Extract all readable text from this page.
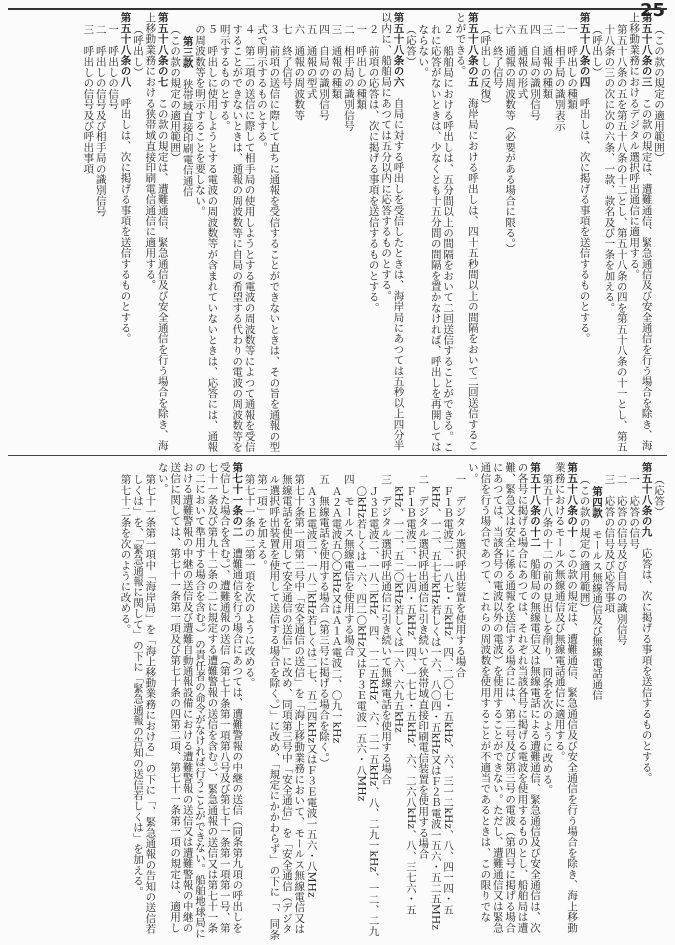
25
（この款の規定の適用範囲）
第五十八条の三　この款の規定は、遭難通信、緊急通信及び安全通信を行う場合を除き、海上移動業務におけるデジタル選択呼出通信に適用する。
第五十八条の五を第五十八条の十二とし、第五十八条の四を第五十八条の十一とし、第五十八条の三の次に次の六条、一款、款名及び一条を加える。
（呼出し）
第五十八条の四　呼出しは、次に掲げる事項を送信するものとする。
一　呼出しの種類
二　相手局の識別表示
三　通報の種類
四　自局の識別信号
五　通報の形式
六　通報の周波数等（必要がある場合に限る。）
七　終了信号
（呼出しの反復）
第五十八条の五　海岸局における呼出しは、四十五秒間以上の間隔をおいて二回送信することができる。
２　船舶局における呼出しは、五分間以上の間隔をおいて二回送信することができる。これに応答がないときは、少なくとも十五分間の間隔を置かなければ、呼出しを再開してはならない。
（応答）
第五十八条の六　自局に対する呼出しを受信したときは、海岸局にあつては五秒以上四分半以内に、船舶局にあつては五分以内に応答するものとする。
２　前項の応答は、次に掲げる事項を送信するものとする。
一　呼出しの種類
二　相手局の識別信号
三　通報の種類
四　自局の識別信号
五　通報の型式
六　通報の周波数等
七　終了信号
３　前項の送信に際して直ちに通報を受信することができないときは、その旨を通報の型式で明示するものとする。
４　第二項の送信に際して相手局の使用しようとする電波の周波数等によつて通報を受信することができないときは、通報の周波数等に自局の希望する代わりの電波の周波数等を明示するものとする。
５　呼出しに使用しようとする電波の周波数等が含まれていないときは、応答には、通報の周波数等を明示することを要しない。
第三款　狭帯域直接印刷電信通信
（この款の規定の適用範囲）
第五十八条の七　この款の規定は、遭難通信、緊急通信及び安全通信を行う場合を除き、海上移動業務における狭帯域直接印刷電信通信に適用する。
（呼出し）
第五十八条の八　呼出しは、次に掲げる事項を送信するものとする。
一　呼出しの信号
二　呼出しの信号及び相手局の識別信号
三　呼出しの信号及び呼出事項
（応答）
第五十八条の九　応答は、次に掲げる事項を送信するものとする。
一　応答の信号
二　応答の信号及び自局の識別信号
三　応答の信号及び応答事項
第四款　モールス無線通信及び無線電話通信
（この款の規定の適用範囲）
第五十八条の十　この款の規定は、遭難通信、緊急通信及び安全通信を行う場合を除き、海上移動業務におけるモールス無線通信及び無線電話通信に適用する。
第五十八条の十二の前の見出しを削り、同条を次のように改める。
第五十八条の十二　船舶局の無線電信又は無線電話による遭難通信、緊急通信及び安全通信は、次の各号に掲げる場合にあつては、それぞれ当該各号に掲げる電波を使用するものとし、船舶局は遭難、緊急又は安全に係る通報を送信する場合には、第二号及び第三号の電波（第四号に掲げる場合にあつては、当該各号の電波以外の電波）を使用することができない。ただし、遭難通信又は緊急通信を行う場合であつて、これらの周波数を使用することが不適当であるときは、この限りでない。
一　デジタル選択呼出装置を使用する場合
Ｆ１Ｂ電波二、一八七・五kHz、四、二〇七・五kHz、六、三一二kHz、八、四一四・五kHz、一二、五七七kHz若しくは一六、八〇四・五kHz又はＦ２Ｂ電波一五六・五二五MHz
二　デジタル選択呼出通信に引き続いて狭帯域直接印刷電信装置を使用する場合
Ｆ１Ｂ電波二、一七四・五kHz、四、一七七・五kHz、六、二六八kHz、八、三七六・五kHz、一二、五二〇kHz若しくは一六、六九五kHz
三　デジタル選択呼出通信に引き続いて無線電話を使用する場合
Ｊ３Ｅ電波二、一八二kHz、四、一二五kHz、六、二一五kHz、八、二九一kHz、一二、二九〇kHz若しくは一六、四二〇kHz又はＦ３Ｅ電波一五六・八MHz
四　モールス無線電信を使用する場合
Ａ２Ａ電波五〇〇kHz又はＡ１Ａ電波二、〇九一kHz
五　無線電話を使用する場合（第三号に掲げる場合を除く。）
Ａ３Ｅ電波二、一八二kHz若しくは二七、五二四kHz又はＦ３Ｅ電波一五六・八MHz
第七十条第一項第二号中「安全通信の送信」を「海上移動業務において、モールス無線電信又は無線電話を使用して安全通信の送信」に改め、同項第三号中「安全通信」を「安全通信（デジタル選択呼出装置を使用して送信する場合を除く。）」に改め、「規定にかかわらず」の下に「、同条第一項」を加える。
第七十一条の二第一項を次のように改める。
第七十一条の二　遭難通信を行う場合にあつては、遭難警報の中継の送信（同条第九項の呼出しを受信した場合を含む。）、遭難通報の送信（第七十条第一項第八号及び第七十一条第一項第一号、第七十一条及び第九十二条の二に規定する遭難警報の送信を含む。）、緊急通報の送信又は第七十一条の二において準用する場合を含む。）の責任者の命令がなければ行うことができない。船舶地球局における遭難警報の中継の送信及び遭難自動通報設備における遭難警報の送信又は遭難警報の中継の送信に関しては、第七十一条第一項及び第七十条の四第二項、第七十一条第一項の規定は、適用しない。
第七十一条第一項中「海岸局」を「海上移動業務における」の下に「、緊急通報の告知の送信若しくは」を、「緊急通報に関して」の下に「緊急通報の告知の送信若しくは」を加える。
第七十二条を次のように改める。
